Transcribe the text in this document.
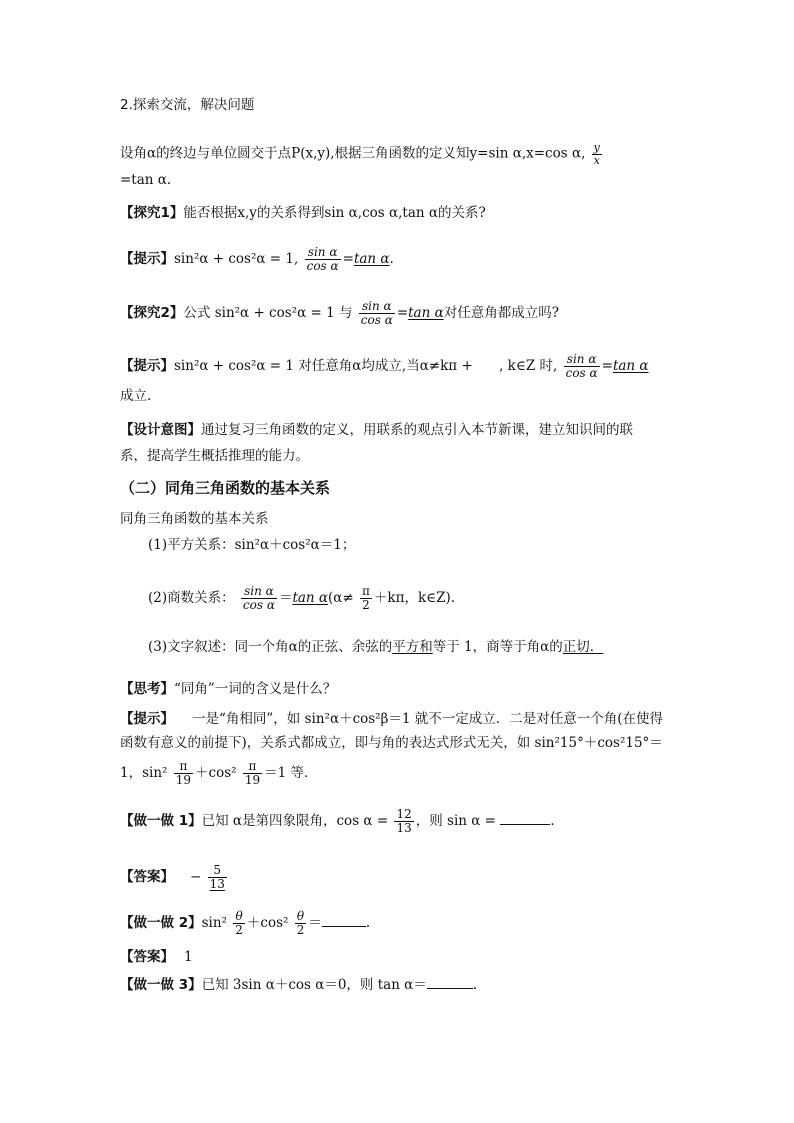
2.探索交流，解决问题
设角α的终边与单位圆交于点P(x,y),根据三角函数的定义知y=sin α,x=cos α, $\frac{y}{x}$
=tan α.
【探究1】能否根据x,y的关系得到sin α,cos α,tan α的关系?
【提示】sin²α + cos²α = 1, $\frac{\text{sin α}}{\text{cos α}} =\tan$ α.
【探究2】公式 sin²α + cos²α = 1 与 $\frac{\text{sin α}}{\text{cos α}} =\tan$ α对任意角都成立吗?
【提示】sin²α + cos²α = 1 对任意角α均成立,当α≠kπ + , k∈Z 时, $\frac{\text{sin α}}{\text{cos α}} =\tan$ α
成立.
【设计意图】通过复习三角函数的定义，用联系的观点引入本节新课，建立知识间的联
系，提高学生概括推理的能力。
（二）同角三角函数的基本关系
同角三角函数的基本关系
(1)平方关系：sin²α＋cos²α＝1；
(2)商数关系： $\frac{\text{sin α}}{\text{cos α}} =\tan$ $\alpha(\alpha\ne \frac{\pi}{2} +k\pi$，k∈Z).
(3)文字叙述：同一个角α的正弦、余弦的平方和等于 1，商等于角α的正切．
【思考】“同角”一词的含义是什么？
【提示】 一是“角相同”，如 sin²α＋cos²β＝1 就不一定成立．二是对任意一个角(在使得
函数有意义的前提下)，关系式都成立，即与角的表达式形式无关，如 sin²15°＋cos²15°＝
1，$\sin^2 \frac{\pi}{19} +\cos^2 \frac{\pi}{19} =1$ 等．
【做一做 1】已知 α是第四象限角，$\cos \alpha = \frac{12}{13}$ ，则 sin α =	.
【答案】 − $\frac{5}{13}$
【做一做 2】$\sin^2 \frac{\theta}{2} +\cos^2 \frac{\theta}{2}$ ＝	.
【答案】 1
【做一做 3】已知 3sin α＋cos α＝0，则 tan α＝	.
